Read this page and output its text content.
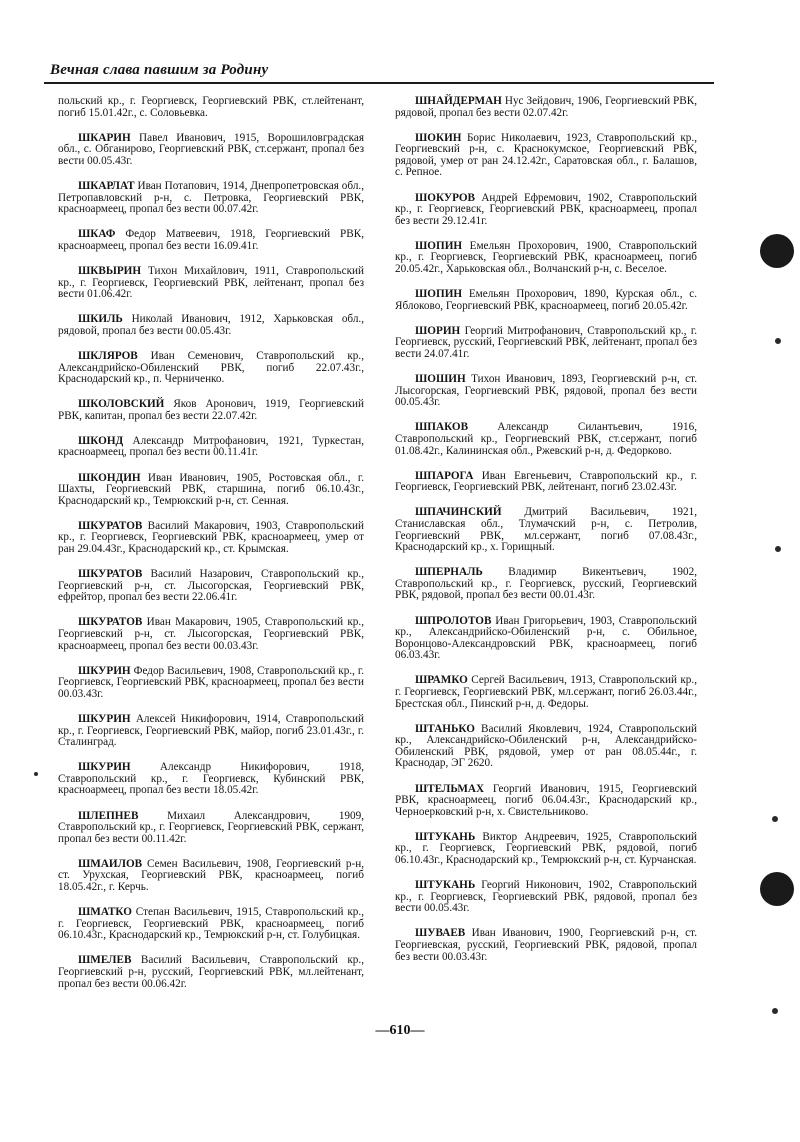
Вечная слава павшим за Родину

польский кр., г. Георгиевск, Георгиевский РВК, ст.лейтенант, погиб 15.01.42г., с. Соловьевка.

ШКАРИН Павел Иванович, 1915, Ворошиловградская обл., с. Обганирово, Георгиевский РВК, ст.сержант, пропал без вести 00.05.43г.

ШКАРЛАТ Иван Потапович, 1914, Днепропетровская обл., Петропавловский р-н, с. Петровка, Георгиевский РВК, красноармеец, пропал без вести 00.07.42г.

ШКАФ Федор Матвеевич, 1918, Георгиевский РВК, красноармеец, пропал без вести 16.09.41г.

ШКВЫРИН Тихон Михайлович, 1911, Ставропольский кр., г. Георгиевск, Георгиевский РВК, лейтенант, пропал без вести 01.06.42г.

ШКИЛЬ Николай Иванович, 1912, Харьковская обл., рядовой, пропал без вести 00.05.43г.

ШКЛЯРОВ Иван Семенович, Ставропольский кр., Александрийско-Обиленский РВК, погиб 22.07.43г., Краснодарский кр., п. Черниченко.

ШКОЛОВСКИЙ Яков Аронович, 1919, Георгиевский РВК, капитан, пропал без вести 22.07.42г.

ШКОНД Александр Митрофанович, 1921, Туркестан, красноармеец, пропал без вести 00.11.41г.

ШКОНДИН Иван Иванович, 1905, Ростовская обл., г. Шахты, Георгиевский РВК, старшина, погиб 06.10.43г., Краснодарский кр., Темрюкский р-н, ст. Сенная.

ШКУРАТОВ Василий Макарович, 1903, Ставропольский кр., г. Георгиевск, Георгиевский РВК, красноармеец, умер от ран 29.04.43г., Краснодарский кр., ст. Крымская.

ШКУРАТОВ Василий Назарович, Ставропольский кр., Георгиевский р-н, ст. Лысогорская, Георгиевский РВК, ефрейтор, пропал без вести 22.06.41г.

ШКУРАТОВ Иван Макарович, 1905, Ставропольский кр., Георгиевский р-н, ст. Лысогорская, Георгиевский РВК, красноармеец, пропал без вести 00.03.43г.

ШКУРИН Федор Васильевич, 1908, Ставропольский кр., г. Георгиевск, Георгиевский РВК, красноармеец, пропал без вести 00.03.43г.

ШКУРИН Алексей Никифорович, 1914, Ставропольский кр., г. Георгиевск, Георгиевский РВК, майор, погиб 23.01.43г., г. Сталинград.

ШКУРИН Александр Никифорович, 1918, Ставропольский кр., г. Георгиевск, Кубинский РВК, красноармеец, пропал без вести 18.05.42г.

ШЛЕПНЕВ Михаил Александрович, 1909, Ставропольский кр., г. Георгиевск, Георгиевский РВК, сержант, пропал без вести 00.11.42г.

ШМАИЛОВ Семен Васильевич, 1908, Георгиевский р-н, ст. Урухская, Георгиевский РВК, красноармеец, погиб 18.05.42г., г. Керчь.

ШМАТКО Степан Васильевич, 1915, Ставропольский кр., г. Георгиевск, Георгиевский РВК, красноармеец, погиб 06.10.43г., Краснодарский кр., Темрюкский р-н, ст. Голубицкая.

ШМЕЛЕВ Василий Васильевич, Ставропольский кр., Георгиевский р-н, русский, Георгиевский РВК, мл.лейтенант, пропал без вести 00.06.42г.

ШНАЙДЕРМАН Нус Зейдович, 1906, Георгиевский РВК, рядовой, пропал без вести 02.07.42г.

ШОКИН Борис Николаевич, 1923, Ставропольский кр., Георгиевский р-н, с. Краснокумское, Георгиевский РВК, рядовой, умер от ран 24.12.42г., Саратовская обл., г. Балашов, с. Репное.

ШОКУРОВ Андрей Ефремович, 1902, Ставропольский кр., г. Георгиевск, Георгиевский РВК, красноармеец, пропал без вести 29.12.41г.

ШОПИН Емельян Прохорович, 1900, Ставропольский кр., г. Георгиевск, Георгиевский РВК, красноармеец, погиб 20.05.42г., Харьковская обл., Волчанский р-н, с. Веселое.

ШОПИН Емельян Прохорович, 1890, Курская обл., с. Яблоково, Георгиевский РВК, красноармеец, погиб 20.05.42г.

ШОРИН Георгий Митрофанович, Ставропольский кр., г. Георгиевск, русский, Георгиевский РВК, лейтенант, пропал без вести 24.07.41г.

ШОШИН Тихон Иванович, 1893, Георгиевский р-н, ст. Лысогорская, Георгиевский РВК, рядовой, пропал без вести 00.05.43г.

ШПАКОВ Александр Силантьевич, 1916, Ставропольский кр., Георгиевский РВК, ст.сержант, погиб 01.08.42г., Калининская обл., Ржевский р-н, д. Федорково.

ШПАРОГА Иван Евгеньевич, Ставропольский кр., г. Георгиевск, Георгиевский РВК, лейтенант, погиб 23.02.43г.

ШПАЧИНСКИЙ Дмитрий Васильевич, 1921, Станиславская обл., Тлумачский р-н, с. Петролив, Георгиевский РВК, мл.сержант, погиб 07.08.43г., Краснодарский кр., х. Горищный.

ШПЕРНАЛЬ Владимир Викентьевич, 1902, Ставропольский кр., г. Георгиевск, русский, Георгиевский РВК, рядовой, пропал без вести 00.01.43г.

ШПРОЛОТОВ Иван Григорьевич, 1903, Ставропольский кр., Александрийско-Обиленский р-н, с. Обильное, Воронцово-Александровский РВК, красноармеец, погиб 06.03.43г.

ШРАМКО Сергей Васильевич, 1913, Ставропольский кр., г. Георгиевск, Георгиевский РВК, мл.сержант, погиб 26.03.44г., Брестская обл., Пинский р-н, д. Федоры.

ШТАНЬКО Василий Яковлевич, 1924, Ставропольский кр., Александрийско-Обиленский р-н, Александрийско-Обиленский РВК, рядовой, умер от ран 08.05.44г., г. Краснодар, ЭГ 2620.

ШТЕЛЬМАХ Георгий Иванович, 1915, Георгиевский РВК, красноармеец, погиб 06.04.43г., Краснодарский кр., Черноерковский р-н, х. Свистельниково.

ШТУКАНЬ Виктор Андреевич, 1925, Ставропольский кр., г. Георгиевск, Георгиевский РВК, рядовой, погиб 06.10.43г., Краснодарский кр., Темрюкский р-н, ст. Курчанская.

ШТУКАНЬ Георгий Никонович, 1902, Ставропольский кр., г. Георгиевск, Георгиевский РВК, рядовой, пропал без вести 00.05.43г.

ШУВАЕВ Иван Иванович, 1900, Георгиевский р-н, ст. Георгиевская, русский, Георгиевский РВК, рядовой, пропал без вести 00.03.43г.

—610—
